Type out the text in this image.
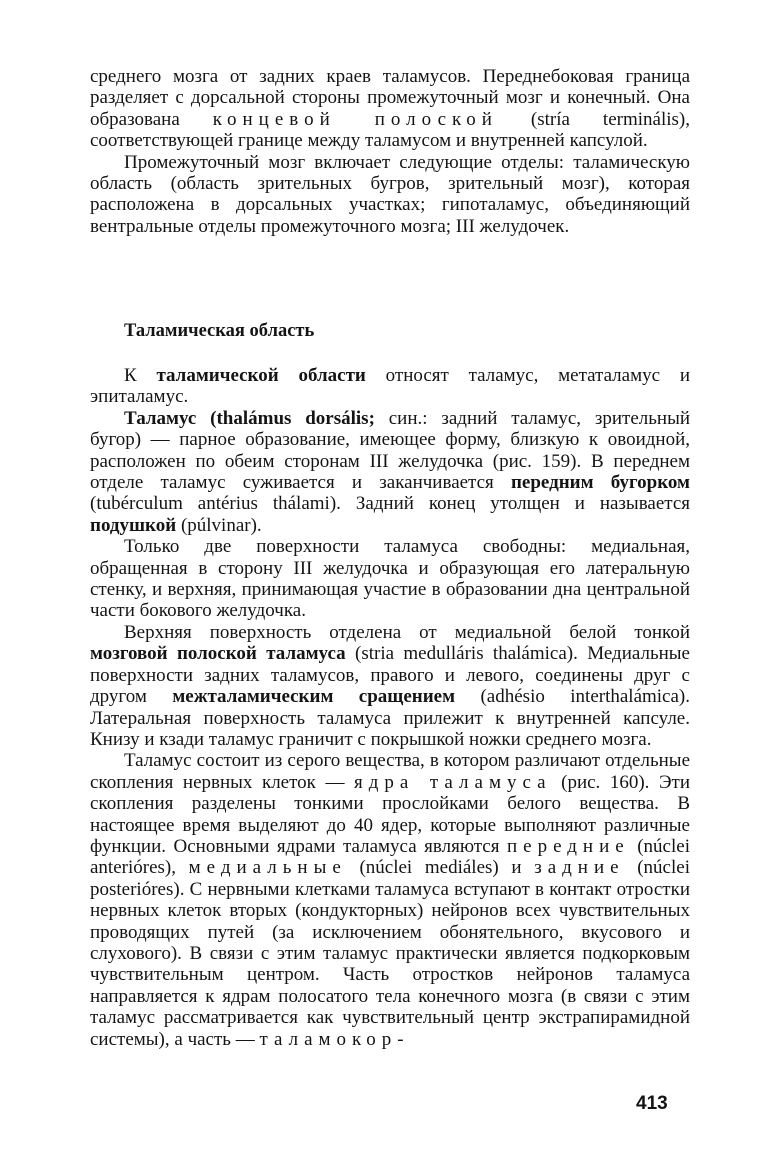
среднего мозга от задних краев таламусов. Переднебоковая граница разделяет с дорсальной стороны промежуточный мозг и конечный. Она образована концевой полоской (stría terminális), соответствующей границе между таламусом и внутренней капсулой.

Промежуточный мозг включает следующие отделы: таламическую область (область зрительных бугров, зрительный мозг), которая расположена в дорсальных участках; гипоталамус, объединяющий вентральные отделы промежуточного мозга; III желудочек.

Таламическая область

К таламической области относят таламус, метаталамус и эпиталамус.

Таламус (thalámus dorsális; син.: задний таламус, зрительный бугор) — парное образование, имеющее форму, близкую к овоидной, расположен по обеим сторонам III желудочка (рис. 159). В переднем отделе таламус суживается и заканчивается передним бугорком (tubérculum antérius thálami). Задний конец утолщен и называется подушкой (púlvinar).

Только две поверхности таламуса свободны: медиальная, обращенная в сторону III желудочка и образующая его латеральную стенку, и верхняя, принимающая участие в образовании дна центральной части бокового желудочка.

Верхняя поверхность отделена от медиальной белой тонкой мозговой полоской таламуса (stria medulláris thalámica). Медиальные поверхности задних таламусов, правого и левого, соединены друг с другом межталамическим сращением (adhésio interthalámica). Латеральная поверхность таламуса прилежит к внутренней капсуле. Книзу и кзади таламус граничит с покрышкой ножки среднего мозга.

Таламус состоит из серого вещества, в котором различают отдельные скопления нервных клеток — ядра таламуса (рис. 160). Эти скопления разделены тонкими прослойками белого вещества. В настоящее время выделяют до 40 ядер, которые выполняют различные функции. Основными ядрами таламуса являются передние (núclei anterióres), медиальные (núclei mediáles) и задние (núclei posterióres). С нервными клетками таламуса вступают в контакт отростки нервных клеток вторых (кондукторных) нейронов всех чувствительных проводящих путей (за исключением обонятельного, вкусового и слухового). В связи с этим таламус практически является подкорковым чувствительным центром. Часть отростков нейронов таламуса направляется к ядрам полосатого тела конечного мозга (в связи с этим таламус рассматривается как чувствительный центр экстрапирамидной системы), а часть — таламокор-

413
